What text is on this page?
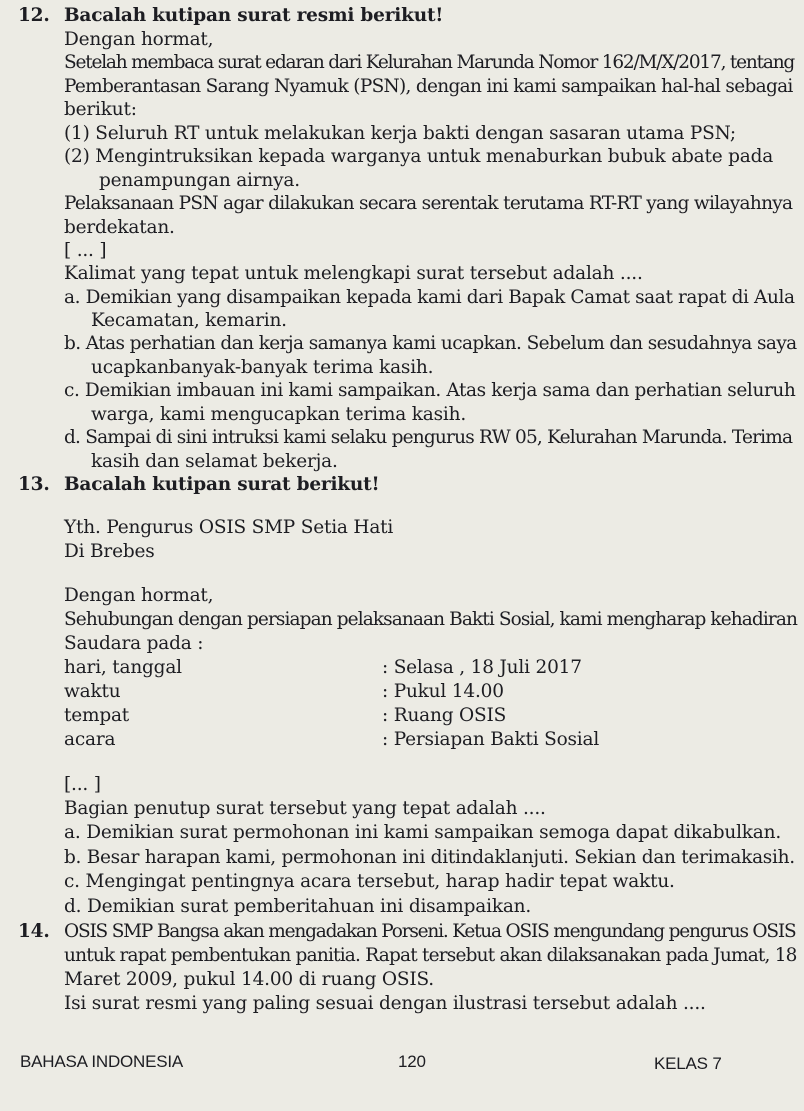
12. Bacalah kutipan surat resmi berikut!
Dengan hormat,
Setelah membaca surat edaran dari Kelurahan Marunda Nomor 162/M/X/2017, tentang
Pemberantasan Sarang Nyamuk (PSN), dengan ini kami sampaikan hal-hal sebagai
berikut:
(1) Seluruh RT untuk melakukan kerja bakti dengan sasaran utama PSN;
(2) Mengintruksikan kepada warganya untuk menaburkan bubuk abate pada
penampungan airnya.
Pelaksanaan PSN agar dilakukan secara serentak terutama RT-RT yang wilayahnya
berdekatan.
[ ... ]
Kalimat yang tepat untuk melengkapi surat tersebut adalah ....
a. Demikian yang disampaikan kepada kami dari Bapak Camat saat rapat di Aula
Kecamatan, kemarin.
b. Atas perhatian dan kerja samanya kami ucapkan. Sebelum dan sesudahnya saya
ucapkanbanyak-banyak terima kasih.
c. Demikian imbauan ini kami sampaikan. Atas kerja sama dan perhatian seluruh
warga, kami mengucapkan terima kasih.
d. Sampai di sini intruksi kami selaku pengurus RW 05, Kelurahan Marunda. Terima
kasih dan selamat bekerja.
13. Bacalah kutipan surat berikut!
Yth. Pengurus OSIS SMP Setia Hati
Di Brebes
Dengan hormat,
Sehubungan dengan persiapan pelaksanaan Bakti Sosial, kami mengharap kehadiran
Saudara pada :
hari, tanggal	: Selasa , 18 Juli 2017
waktu	: Pukul 14.00
tempat	: Ruang OSIS
acara	: Persiapan Bakti Sosial
[... ]
Bagian penutup surat tersebut yang tepat adalah ....
a. Demikian surat permohonan ini kami sampaikan semoga dapat dikabulkan.
b. Besar harapan kami, permohonan ini ditindaklanjuti. Sekian dan terimakasih.
c. Mengingat pentingnya acara tersebut, harap hadir tepat waktu.
d. Demikian surat pemberitahuan ini disampaikan.
14. OSIS SMP Bangsa akan mengadakan Porseni. Ketua OSIS mengundang pengurus OSIS
untuk rapat pembentukan panitia. Rapat tersebut akan dilaksanakan pada Jumat, 18
Maret 2009, pukul 14.00 di ruang OSIS.
Isi surat resmi yang paling sesuai dengan ilustrasi tersebut adalah ....
BAHASA INDONESIA	120	KELAS 7
